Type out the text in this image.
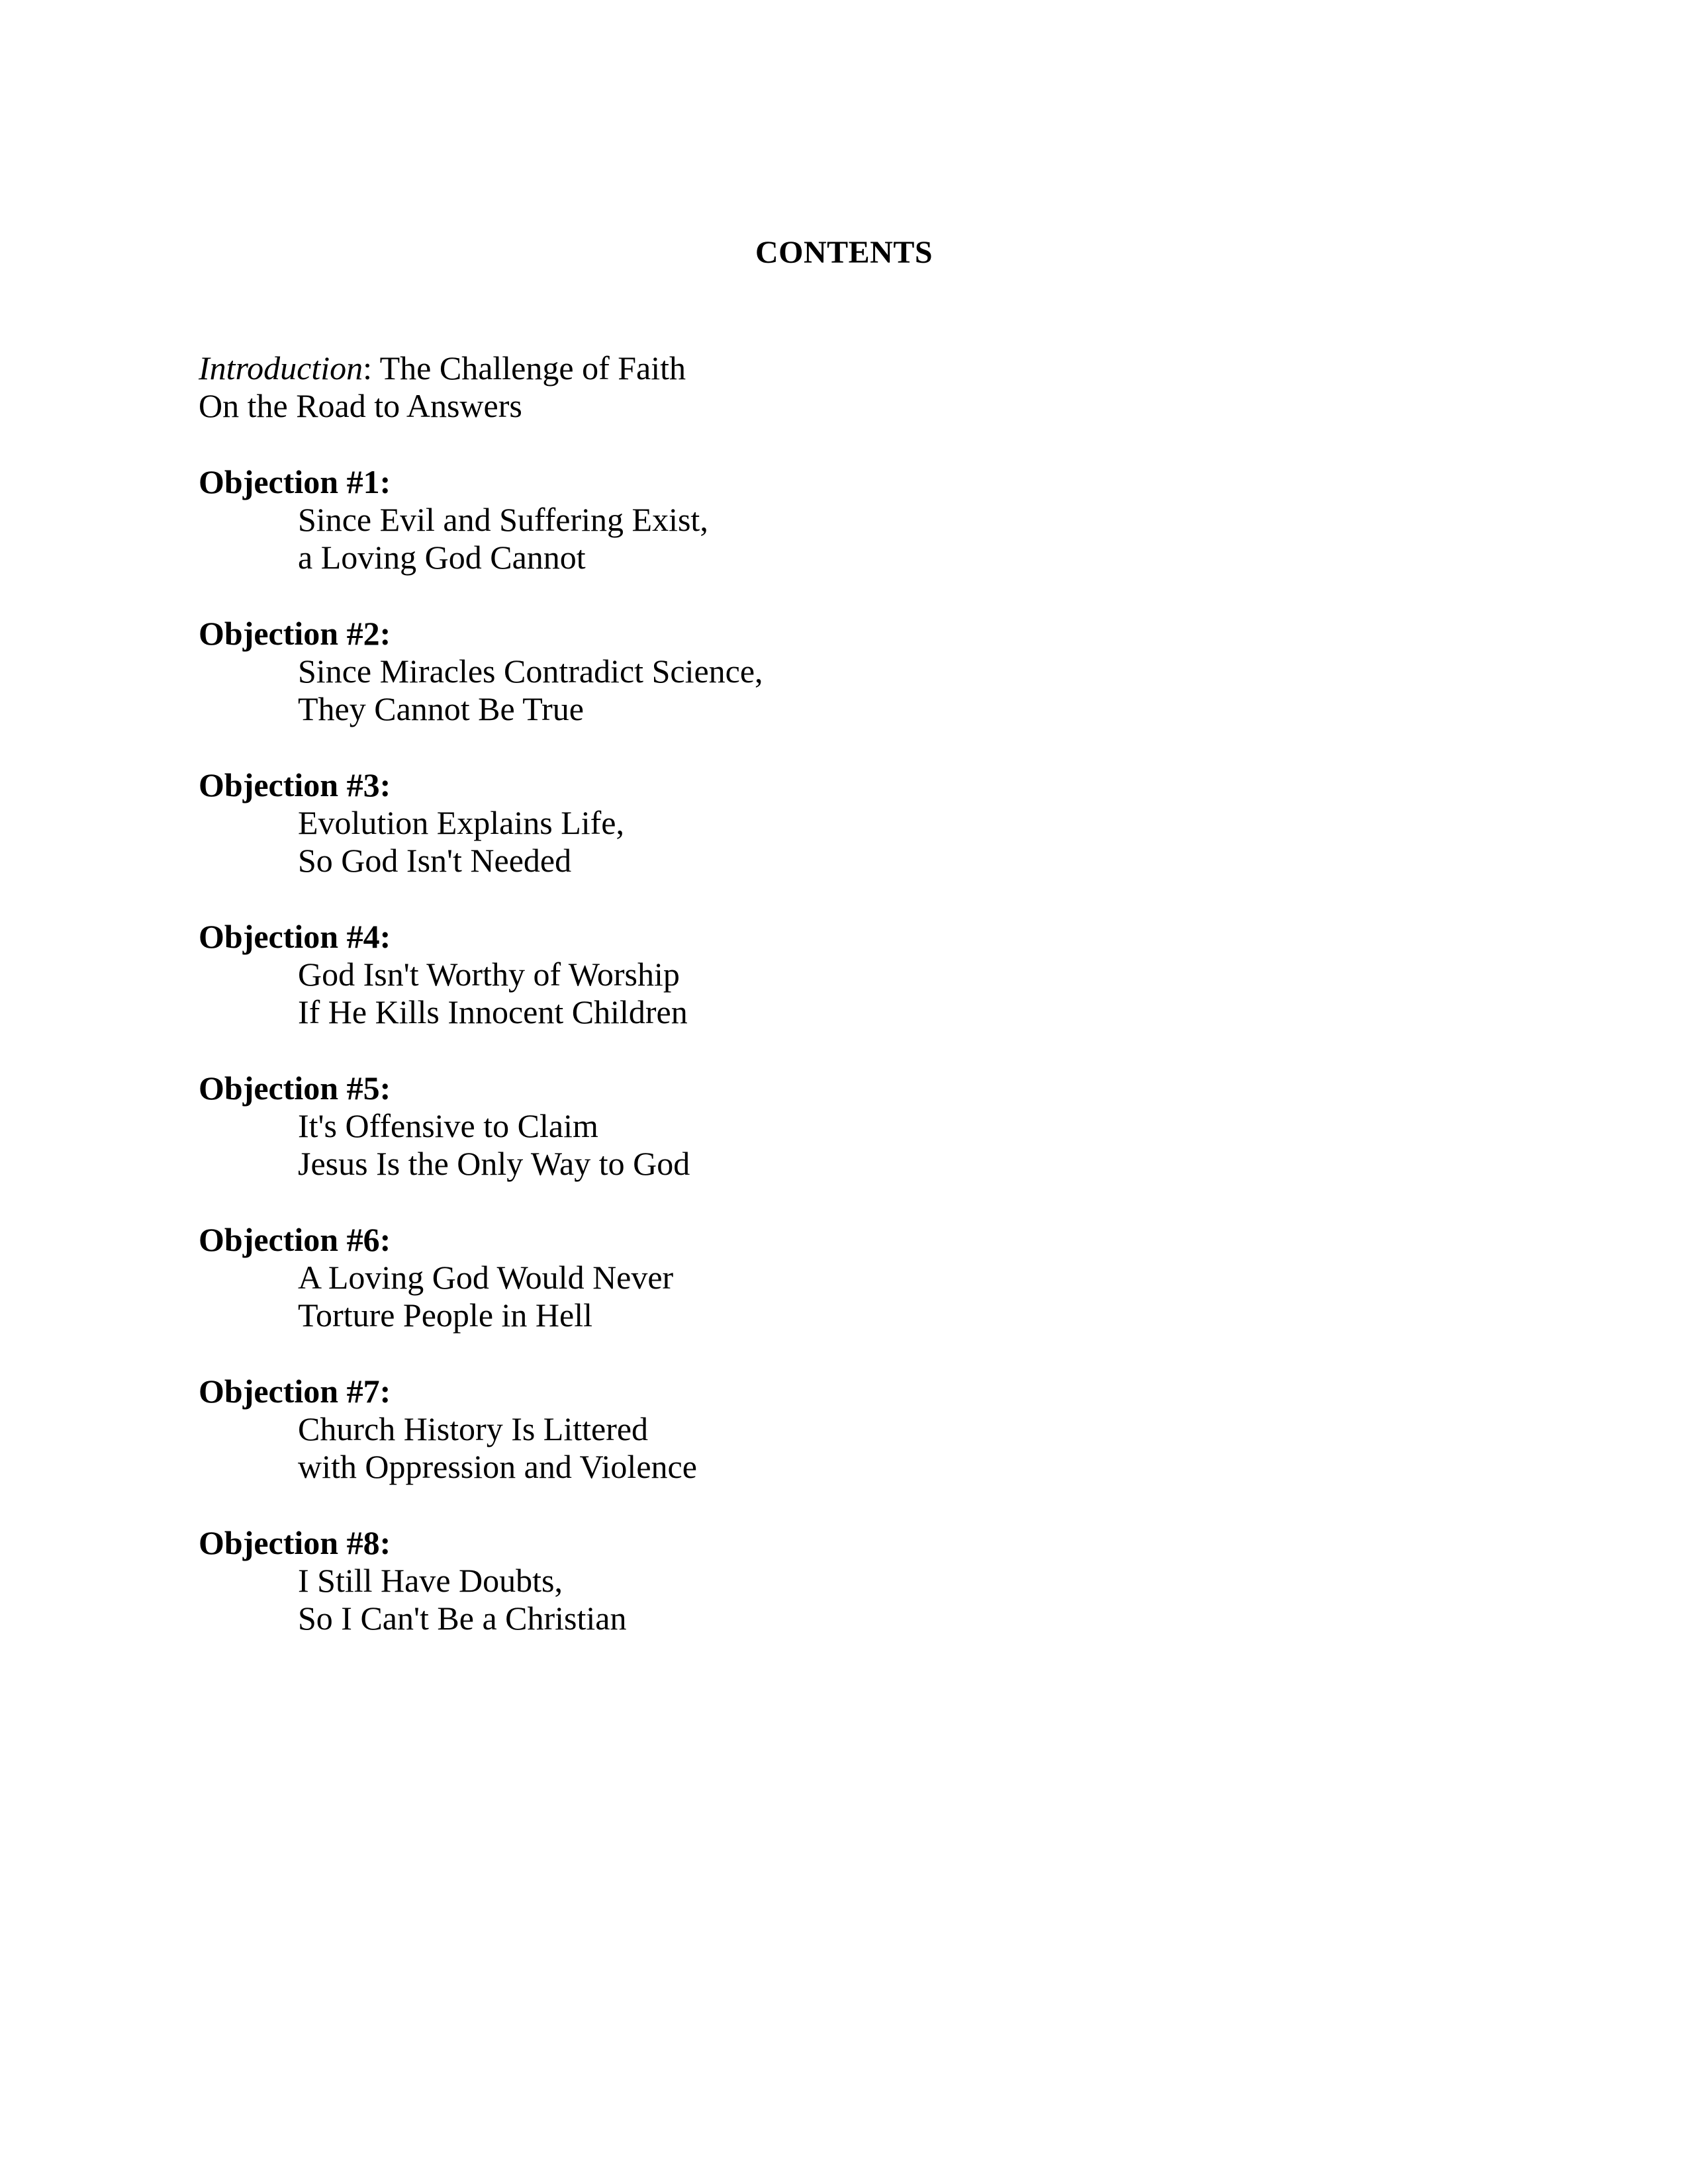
CONTENTS
Introduction: The Challenge of Faith
On the Road to Answers
Objection #1:
Since Evil and Suffering Exist,
a Loving God Cannot
Objection #2:
Since Miracles Contradict Science,
They Cannot Be True
Objection #3:
Evolution Explains Life,
So God Isn't Needed
Objection #4:
God Isn't Worthy of Worship
If He Kills Innocent Children
Objection #5:
It's Offensive to Claim
Jesus Is the Only Way to God
Objection #6:
A Loving God Would Never
Torture People in Hell
Objection #7:
Church History Is Littered
with Oppression and Violence
Objection #8:
I Still Have Doubts,
So I Can't Be a Christian
